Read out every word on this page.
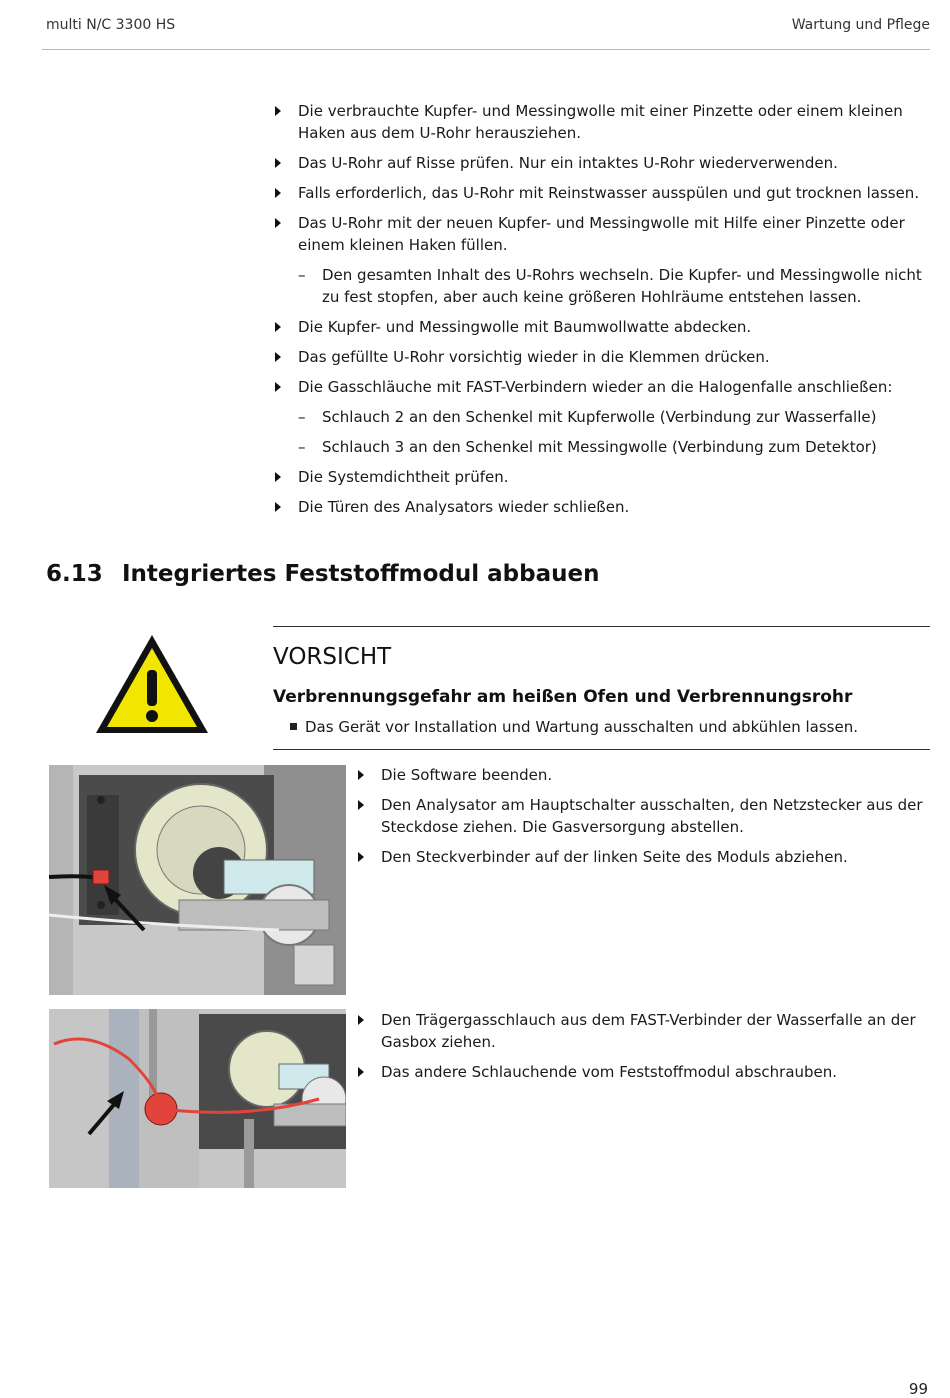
multi N/C 3300 HS	Wartung und Pflege
Die verbrauchte Kupfer- und Messingwolle mit einer Pinzette oder einem kleinen Haken aus dem U-Rohr herausziehen.
Das U-Rohr auf Risse prüfen. Nur ein intaktes U-Rohr wiederverwenden.
Falls erforderlich, das U-Rohr mit Reinstwasser ausspülen und gut trocknen lassen.
Das U-Rohr mit der neuen Kupfer- und Messingwolle mit Hilfe einer Pinzette oder einem kleinen Haken füllen.
– Den gesamten Inhalt des U-Rohrs wechseln. Die Kupfer- und Messingwolle nicht zu fest stopfen, aber auch keine größeren Hohlräume entstehen lassen.
Die Kupfer- und Messingwolle mit Baumwollwatte abdecken.
Das gefüllte U-Rohr vorsichtig wieder in die Klemmen drücken.
Die Gasschläuche mit FAST-Verbindern wieder an die Halogenfalle anschließen:
– Schlauch 2 an den Schenkel mit Kupferwolle (Verbindung zur Wasserfalle)
– Schlauch 3 an den Schenkel mit Messingwolle (Verbindung zum Detektor)
Die Systemdichtheit prüfen.
Die Türen des Analysators wieder schließen.
6.13 Integriertes Feststoffmodul abbauen
VORSICHT
Verbrennungsgefahr am heißen Ofen und Verbrennungsrohr
Das Gerät vor Installation und Wartung ausschalten und abkühlen lassen.
Die Software beenden.
Den Analysator am Hauptschalter ausschalten, den Netzstecker aus der Steckdose ziehen. Die Gasversorgung abstellen.
Den Steckverbinder auf der linken Seite des Moduls abziehen.
Den Trägergasschlauch aus dem FAST-Verbinder der Wasserfalle an der Gasbox ziehen.
Das andere Schlauchende vom Feststoffmodul abschrauben.
99
